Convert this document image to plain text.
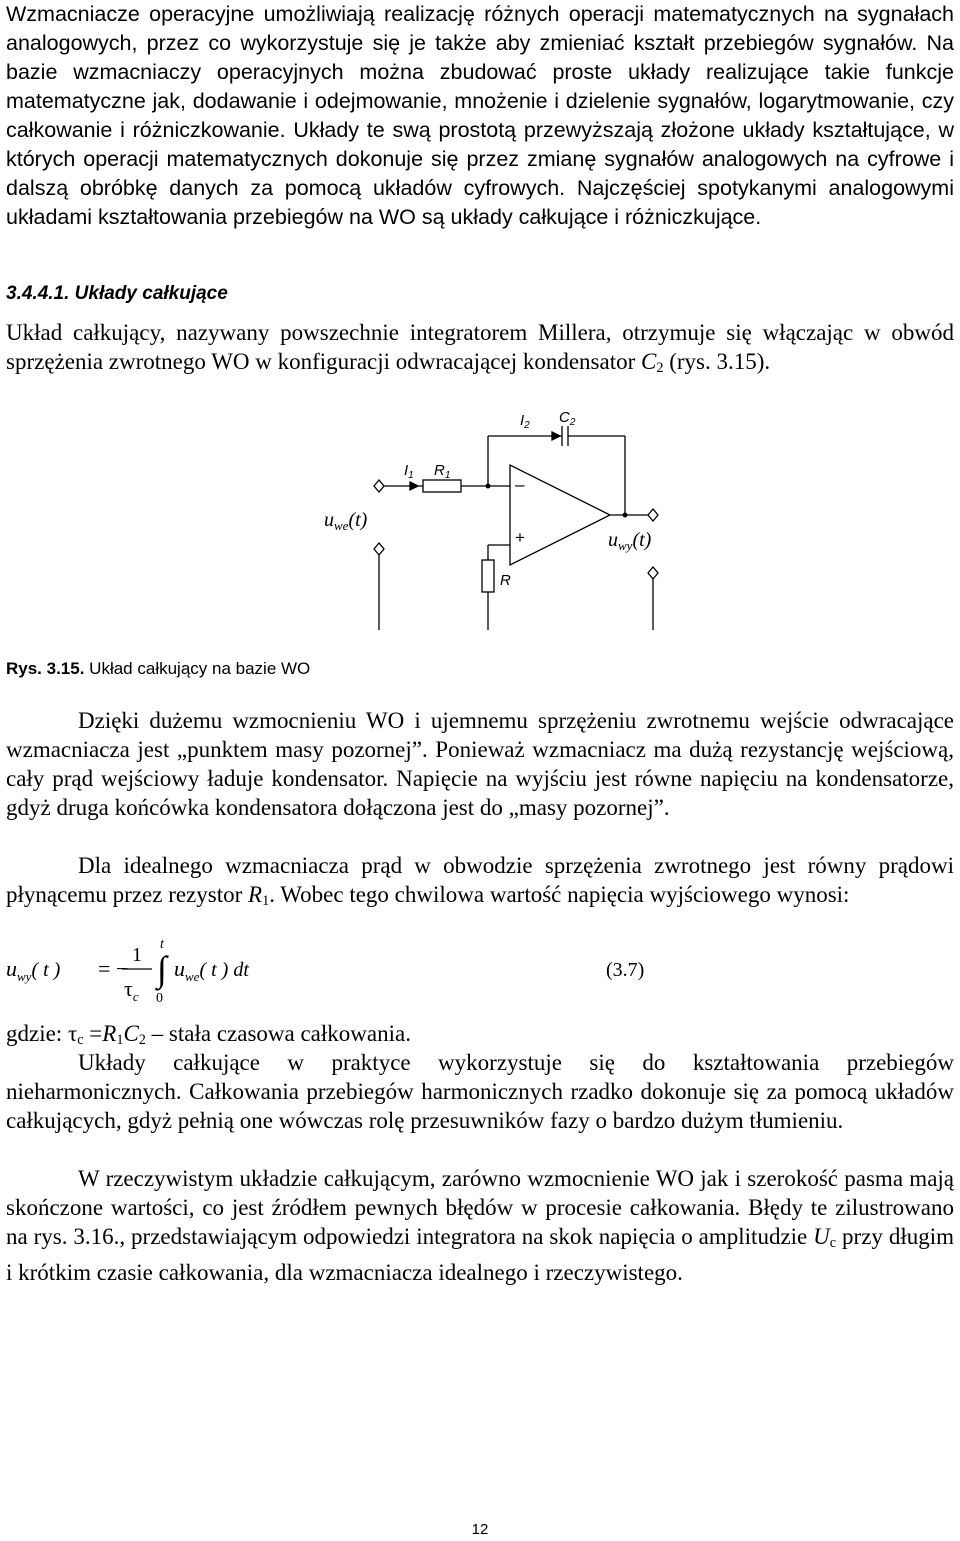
Wzmacniacze operacyjne umożliwiają realizację różnych operacji matematycznych na sygnałach analogowych, przez co wykorzystuje się je także aby zmieniać kształt przebiegów sygnałów. Na bazie wzmacniaczy operacyjnych można zbudować proste układy realizujące takie funkcje matematyczne jak, dodawanie i odejmowanie, mnożenie i dzielenie sygnałów, logarytmowanie, czy całkowanie i różniczkowanie. Układy te swą prostotą przewyższają złożone układy kształtujące, w których operacji matematycznych dokonuje się przez zmianę sygnałów analogowych na cyfrowe i dalszą obróbkę danych za pomocą układów cyfrowych. Najczęściej spotykanymi analogowymi układami kształtowania przebiegów na WO są układy całkujące i różniczkujące.

3.4.4.1. Układy całkujące

Układ całkujący, nazywany powszechnie integratorem Millera, otrzymuje się włączając w obwód sprzężenia zwrotnego WO w konfiguracji odwracającej kondensator $C_2$ (rys. 3.15).

$I_2$ $C_2$
$I_1$ $R_1$
R
–
+
$u_{we}(t)$
$u_{wy}(t)$

Rys. 3.15. Układ całkujący na bazie WO

Dzięki dużemu wzmocnieniu WO i ujemnemu sprzężeniu zwrotnemu wejście odwracające wzmacniacza jest „punktem masy pozornej”. Ponieważ wzmacniacz ma dużą rezystancję wejściową, cały prąd wejściowy ładuje kondensator. Napięcie na wyjściu jest równe napięciu na kondensatorze, gdyż druga końcówka kondensatora dołączona jest do „masy pozornej”.

Dla idealnego wzmacniacza prąd w obwodzie sprzężenia zwrotnego jest równy prądowi płynącemu przez rezystor $R_1$. Wobec tego chwilowa wartość napięcia wyjściowego wynosi:

$u_{wy}$( t ) = −
1
$\tau_c$
∫
t
0
$u_{we}$( t ) dt	(3.7)

gdzie: $\tau_c =R_1C_2$ – stała czasowa całkowania.

Układy całkujące w praktyce wykorzystuje się do kształtowania przebiegów nieharmonicznych. Całkowania przebiegów harmonicznych rzadko dokonuje się za pomocą układów całkujących, gdyż pełnią one wówczas rolę przesuwników fazy o bardzo dużym tłumieniu.

W rzeczywistym układzie całkującym, zarówno wzmocnienie WO jak i szerokość pasma mają skończone wartości, co jest źródłem pewnych błędów w procesie całkowania. Błędy te zilustrowano na rys. 3.16., przedstawiającym odpowiedzi integratora na skok napięcia o amplitudzie $U_c$ przy długim i krótkim czasie całkowania, dla wzmacniacza idealnego i rzeczywistego.

12
